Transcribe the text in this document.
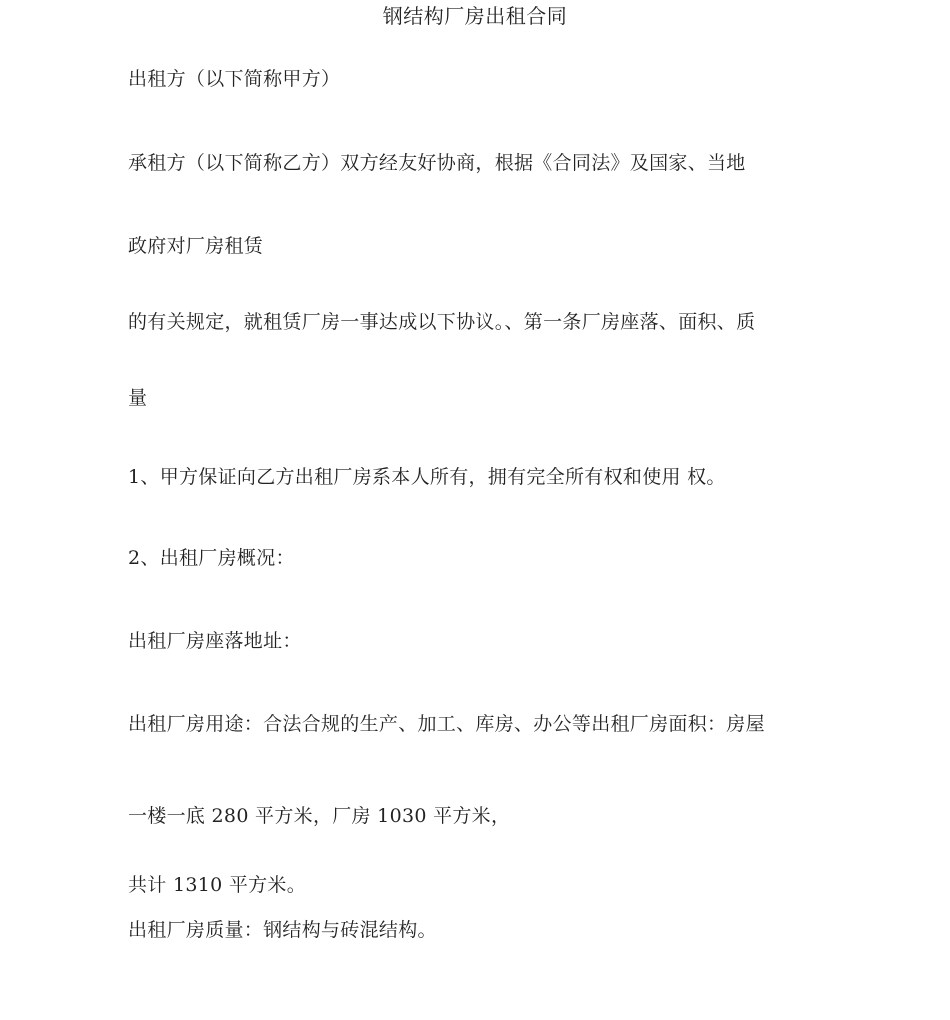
钢结构厂房出租合同
出租方（以下简称甲方）
承租方（以下简称乙方）双方经友好协商，根据《合同法》及国家、当地
政府对厂房租赁
的有关规定，就租赁厂房一事达成以下协议。、第一条厂房座落、面积、质
量
1、甲方保证向乙方出租厂房系本人所有，拥有完全所有权和使用 权。
2、出租厂房概况：
出租厂房座落地址：
出租厂房用途：合法合规的生产、加工、库房、办公等出租厂房面积：房屋
一楼一底 280 平方米，厂房 1030 平方米，
共计 1310 平方米。
出租厂房质量：钢结构与砖混结构。
